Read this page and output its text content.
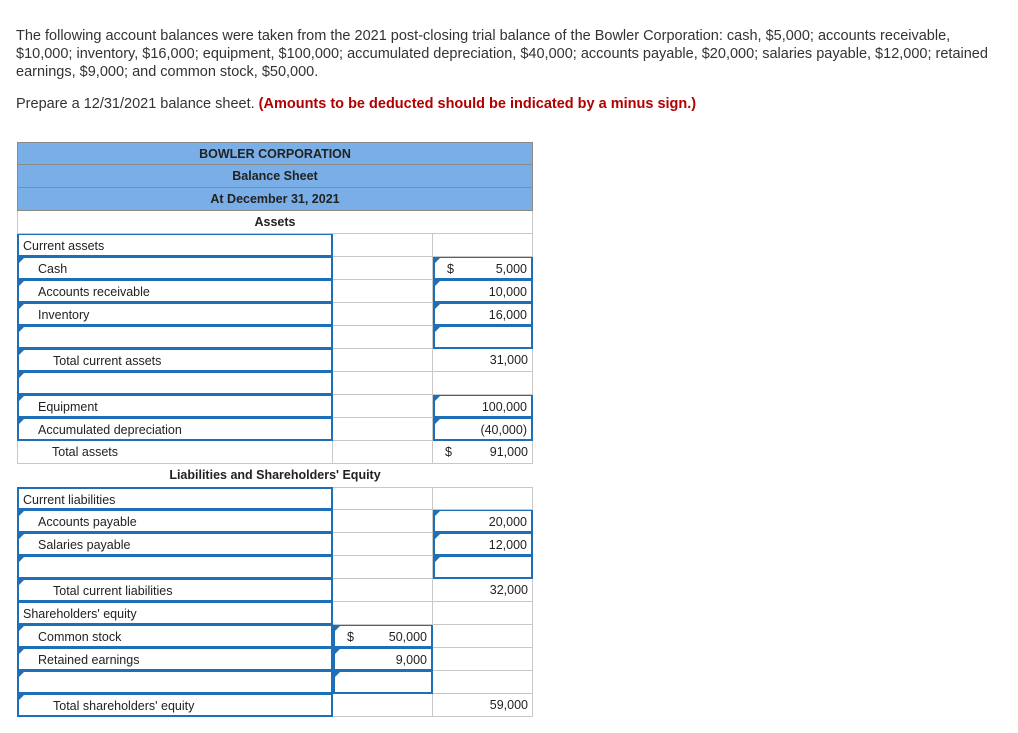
The following account balances were taken from the 2021 post-closing trial balance of the Bowler Corporation: cash, $5,000; accounts receivable, $10,000; inventory, $16,000; equipment, $100,000; accumulated depreciation, $40,000; accounts payable, $20,000; salaries payable, $12,000; retained earnings, $9,000; and common stock, $50,000.

Prepare a 12/31/2021 balance sheet. (Amounts to be deducted should be indicated by a minus sign.)

BOWLER CORPORATION
Balance Sheet
At December 31, 2021
Assets
Current assets
Cash	$	5,000
Accounts receivable	10,000
Inventory	16,000
Total current assets	31,000
Equipment	100,000
Accumulated depreciation	(40,000)
Total assets	$	91,000
Liabilities and Shareholders' Equity
Current liabilities
Accounts payable	20,000
Salaries payable	12,000
Total current liabilities	32,000
Shareholders' equity
Common stock	$	50,000
Retained earnings	9,000
Total shareholders' equity	59,000
